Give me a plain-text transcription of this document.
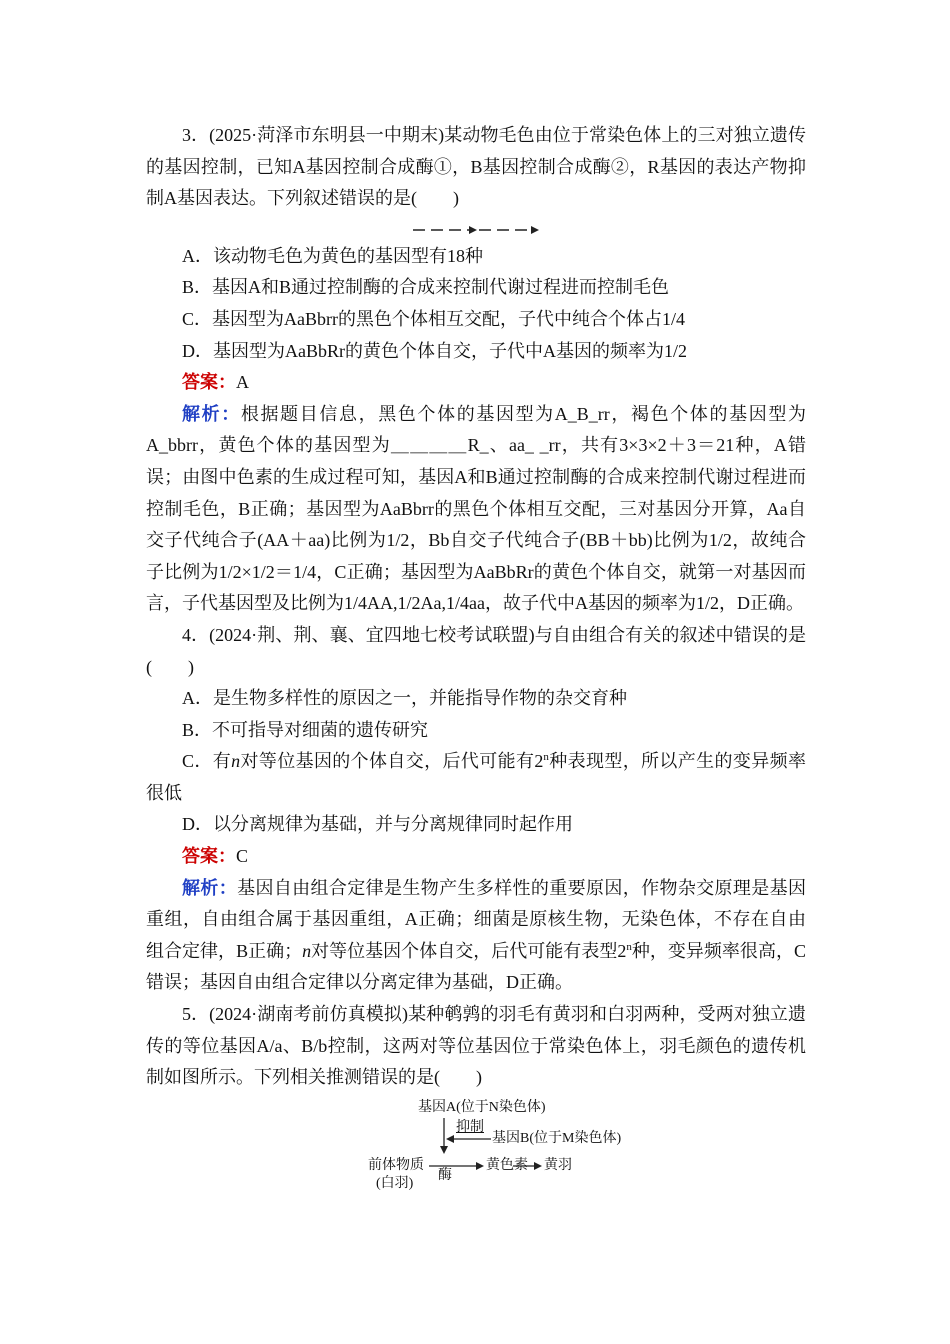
3．(2025·菏泽市东明县一中期末)某动物毛色由位于常染色体上的三对独立遗传的基因控制，已知A基因控制合成酶①，B基因控制合成酶②，R基因的表达产物抑制A基因表达。下列叙述错误的是(　　)

A．该动物毛色为黄色的基因型有18种

B．基因A和B通过控制酶的合成来控制代谢过程进而控制毛色

C．基因型为AaBbrr的黑色个体相互交配，子代中纯合个体占1/4

D．基因型为AaBbRr的黄色个体自交，子代中A基因的频率为1/2

答案：A

解析：根据题目信息，黑色个体的基因型为A_B_rr，褐色个体的基因型为A_bbrr，黄色个体的基因型为＿＿＿＿R_、aa_ _rr，共有3×3×2＋3＝21种，A错误；由图中色素的生成过程可知，基因A和B通过控制酶的合成来控制代谢过程进而控制毛色，B正确；基因型为AaBbrr的黑色个体相互交配，三对基因分开算，Aa自交子代纯合子(AA＋aa)比例为1/2，Bb自交子代纯合子(BB＋bb)比例为1/2，故纯合子比例为1/2×1/2＝1/4，C正确；基因型为AaBbRr的黄色个体自交，就第一对基因而言，子代基因型及比例为1/4AA,1/2Aa,1/4aa，故子代中A基因的频率为1/2，D正确。

4．(2024·荆、荆、襄、宜四地七校考试联盟)与自由组合有关的叙述中错误的是(　　)

A．是生物多样性的原因之一，并能指导作物的杂交育种

B．不可指导对细菌的遗传研究

C．有n对等位基因的个体自交，后代可能有2$^n$种表现型，所以产生的变异频率很低

D．以分离规律为基础，并与分离规律同时起作用

答案：C

解析：基因自由组合定律是生物产生多样性的重要原因，作物杂交原理是基因重组，自由组合属于基因重组，A正确；细菌是原核生物，无染色体，不存在自由组合定律，B正确；n对等位基因个体自交，后代可能有表型2$^n$种，变异频率很高，C错误；基因自由组合定律以分离定律为基础，D正确。

5．(2024·湖南考前仿真模拟)某种鹌鹑的羽毛有黄羽和白羽两种，受两对独立遗传的等位基因A/a、B/b控制，这两对等位基因位于常染色体上，羽毛颜色的遗传机制如图所示。下列相关推测错误的是(　　)

基因A(位于N染色体)
抑制
基因B(位于M染色体)
前体物质
(白羽)
酶
黄色素 黄羽
